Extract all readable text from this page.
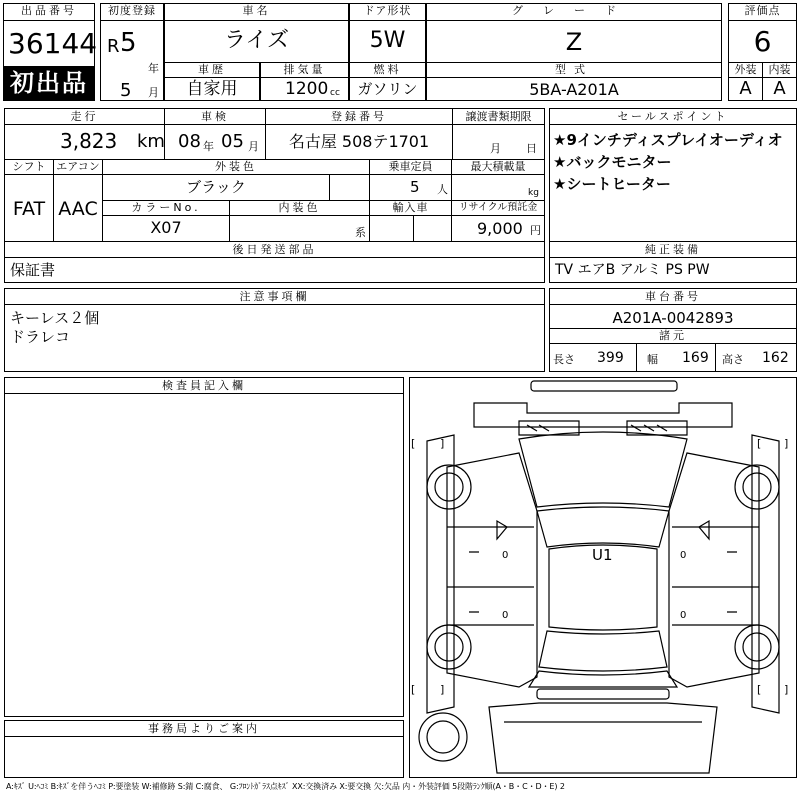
出品番号
36144
初出品
初度登録
R 5
年
5 月
車名
ライズ
ドア形状
5W
グレード
Z
評価点
6
車歴
自家用
排気量
1200 cc
燃料
ガソリン
型式
5BA-A201A
外装	内装
A	A
走行
3,823 km
車検
08 年 05 月
登録番号
名古屋 508テ1701
譲渡書類期限
月 日
シフト
FAT
エアコン
AAC
外装色
ブラック
乗車定員
5 人
最大積載量
kg
カラーNo.
X07
内装色
系
輸入車	リサイクル預託金
9,000 円
後日発送部品
保証書
セールスポイント
★9インチディスプレイオーディオ
★バックモニター
★シートヒーター
純正装備
TV エアB アルミ PS PW
注意事項欄
キーレス２個
ドラレコ
車台番号
A201A-0042893
諸元
長さ 399 幅 169 高さ 162
検査員記入欄
事務局よりご案内
[ ]	[ ]
[ ]	[ ]
0
0
0
0
U1
A:ｷｽﾞ U:ﾍｺﾐ B:ｷｽﾞを伴うﾍｺﾐ P:要塗装 W:補修跡 S:錆 C:腐食、 G:ﾌﾛﾝﾄｶﾞﾗｽ点ｷｽﾞ XX:交換済み X:要交換 欠:欠品 内・外装評価 5段階ﾗﾝｸ順(A・B・C・D・E) 2
